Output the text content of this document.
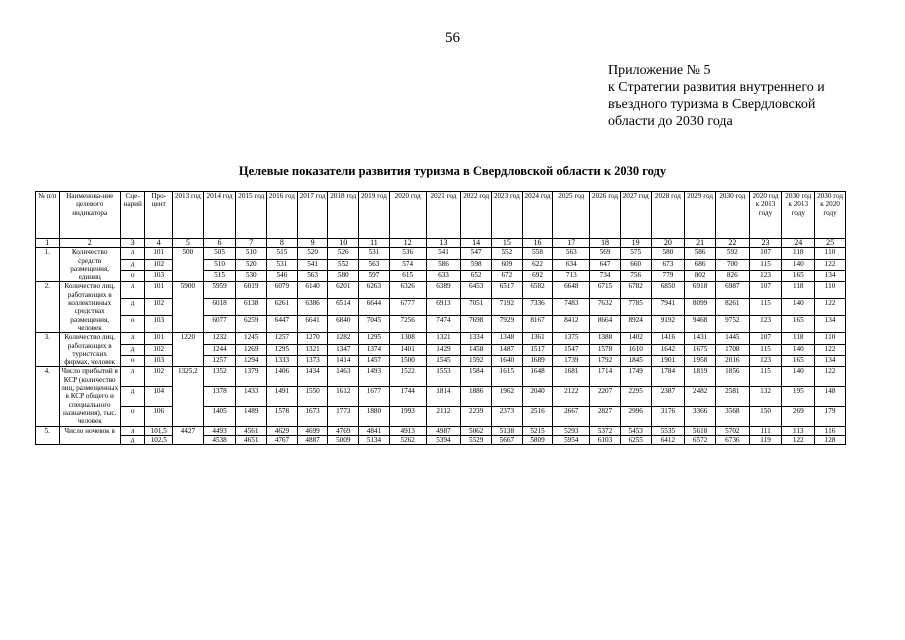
56
Приложение № 5
к Стратегии развития внутреннего и
въездного туризма в Свердловской
области до 2030 года
Целевые показатели развития туризма в Свердловской области к 2030 году
№ п/п	Наименова-ние целевого индикатора	Сце-нарий	Про-цент	2013 год	2014 год	2015 год	2016 год	2017 год	2018 год	2019 год	2020 год	2021 год	2022 год	2023 год	2024 год	2025 год	2026 год	2027 год	2028 год	2029 год	2030 год	2020 год к 2013 году	2030 год к 2013 году	2030 год к 2020 году
1	2	3	4	5	6	7	8	9	10	11	12	13	14	15	16	17	18	19	20	21	22	23	24	25
1.	Количество средств размещения, единиц	л	101	500	505	510	515	520	526	531	536	541	547	552	558	563	569	575	580	586	592	107	118	110
		д	102		510	520	531	541	552	563	574	586	598	609	622	634	647	660	673	686	700	115	140	122
		о	103		515	530	546	563	580	597	615	633	652	672	692	713	734	756	779	802	826	123	165	134
2.	Количество лиц, работающих в коллективных средствах размещения, человек	л	101	5900	5959	6019	6079	6140	6201	6263	6326	6389	6453	6517	6582	6648	6715	6782	6850	6918	6987	107	118	110
		д	102		6018	6138	6261	6386	6514	6644	6777	6913	7051	7192	7336	7483	7632	7785	7941	8099	8261	115	140	122
		о	103		6077	6259	6447	6641	6840	7045	7256	7474	7698	7929	8167	8412	8664	8924	9192	9468	9752	123	165	134
3.	Количество лиц, работающих в туристских фирмах, человек	л	101	1220	1232	1245	1257	1270	1282	1295	1308	1321	1334	1348	1361	1375	1388	1402	1416	1431	1445	107	118	110
		д	102		1244	1269	1295	1321	1347	1374	1401	1429	1458	1487	1517	1547	1578	1610	1642	1675	1708	115	140	122
		о	103		1257	1294	1333	1373	1414	1457	1500	1545	1592	1640	1689	1739	1792	1845	1901	1958	2016	123	165	134
4.	Число прибытий в КСР (количество лиц, размещенных в КСР общего и специального назначения), тыс. человек	л	102	1325,2	1352	1379	1406	1434	1463	1493	1522	1553	1584	1615	1648	1681	1714	1749	1784	1819	1856	115	140	122
		д	104		1378	1433	1491	1550	1612	1677	1744	1814	1886	1962	2040	2122	2207	2295	2387	2482	2581	132	195	148
		о	106		1405	1489	1578	1673	1773	1880	1993	2112	2239	2373	2516	2667	2827	2996	3176	3366	3568	150	269	179
5.	Число ночевок в	л	101,5	4427	4493	4561	4629	4699	4769	4841	4913	4987	5062	5138	5215	5293	5372	5453	5535	5618	5702	111	113	116
		д	102,5		4538	4651	4767	4887	5009	5134	5262	5394	5529	5667	5809	5954	6103	6255	6412	6572	6736	119	122	128
